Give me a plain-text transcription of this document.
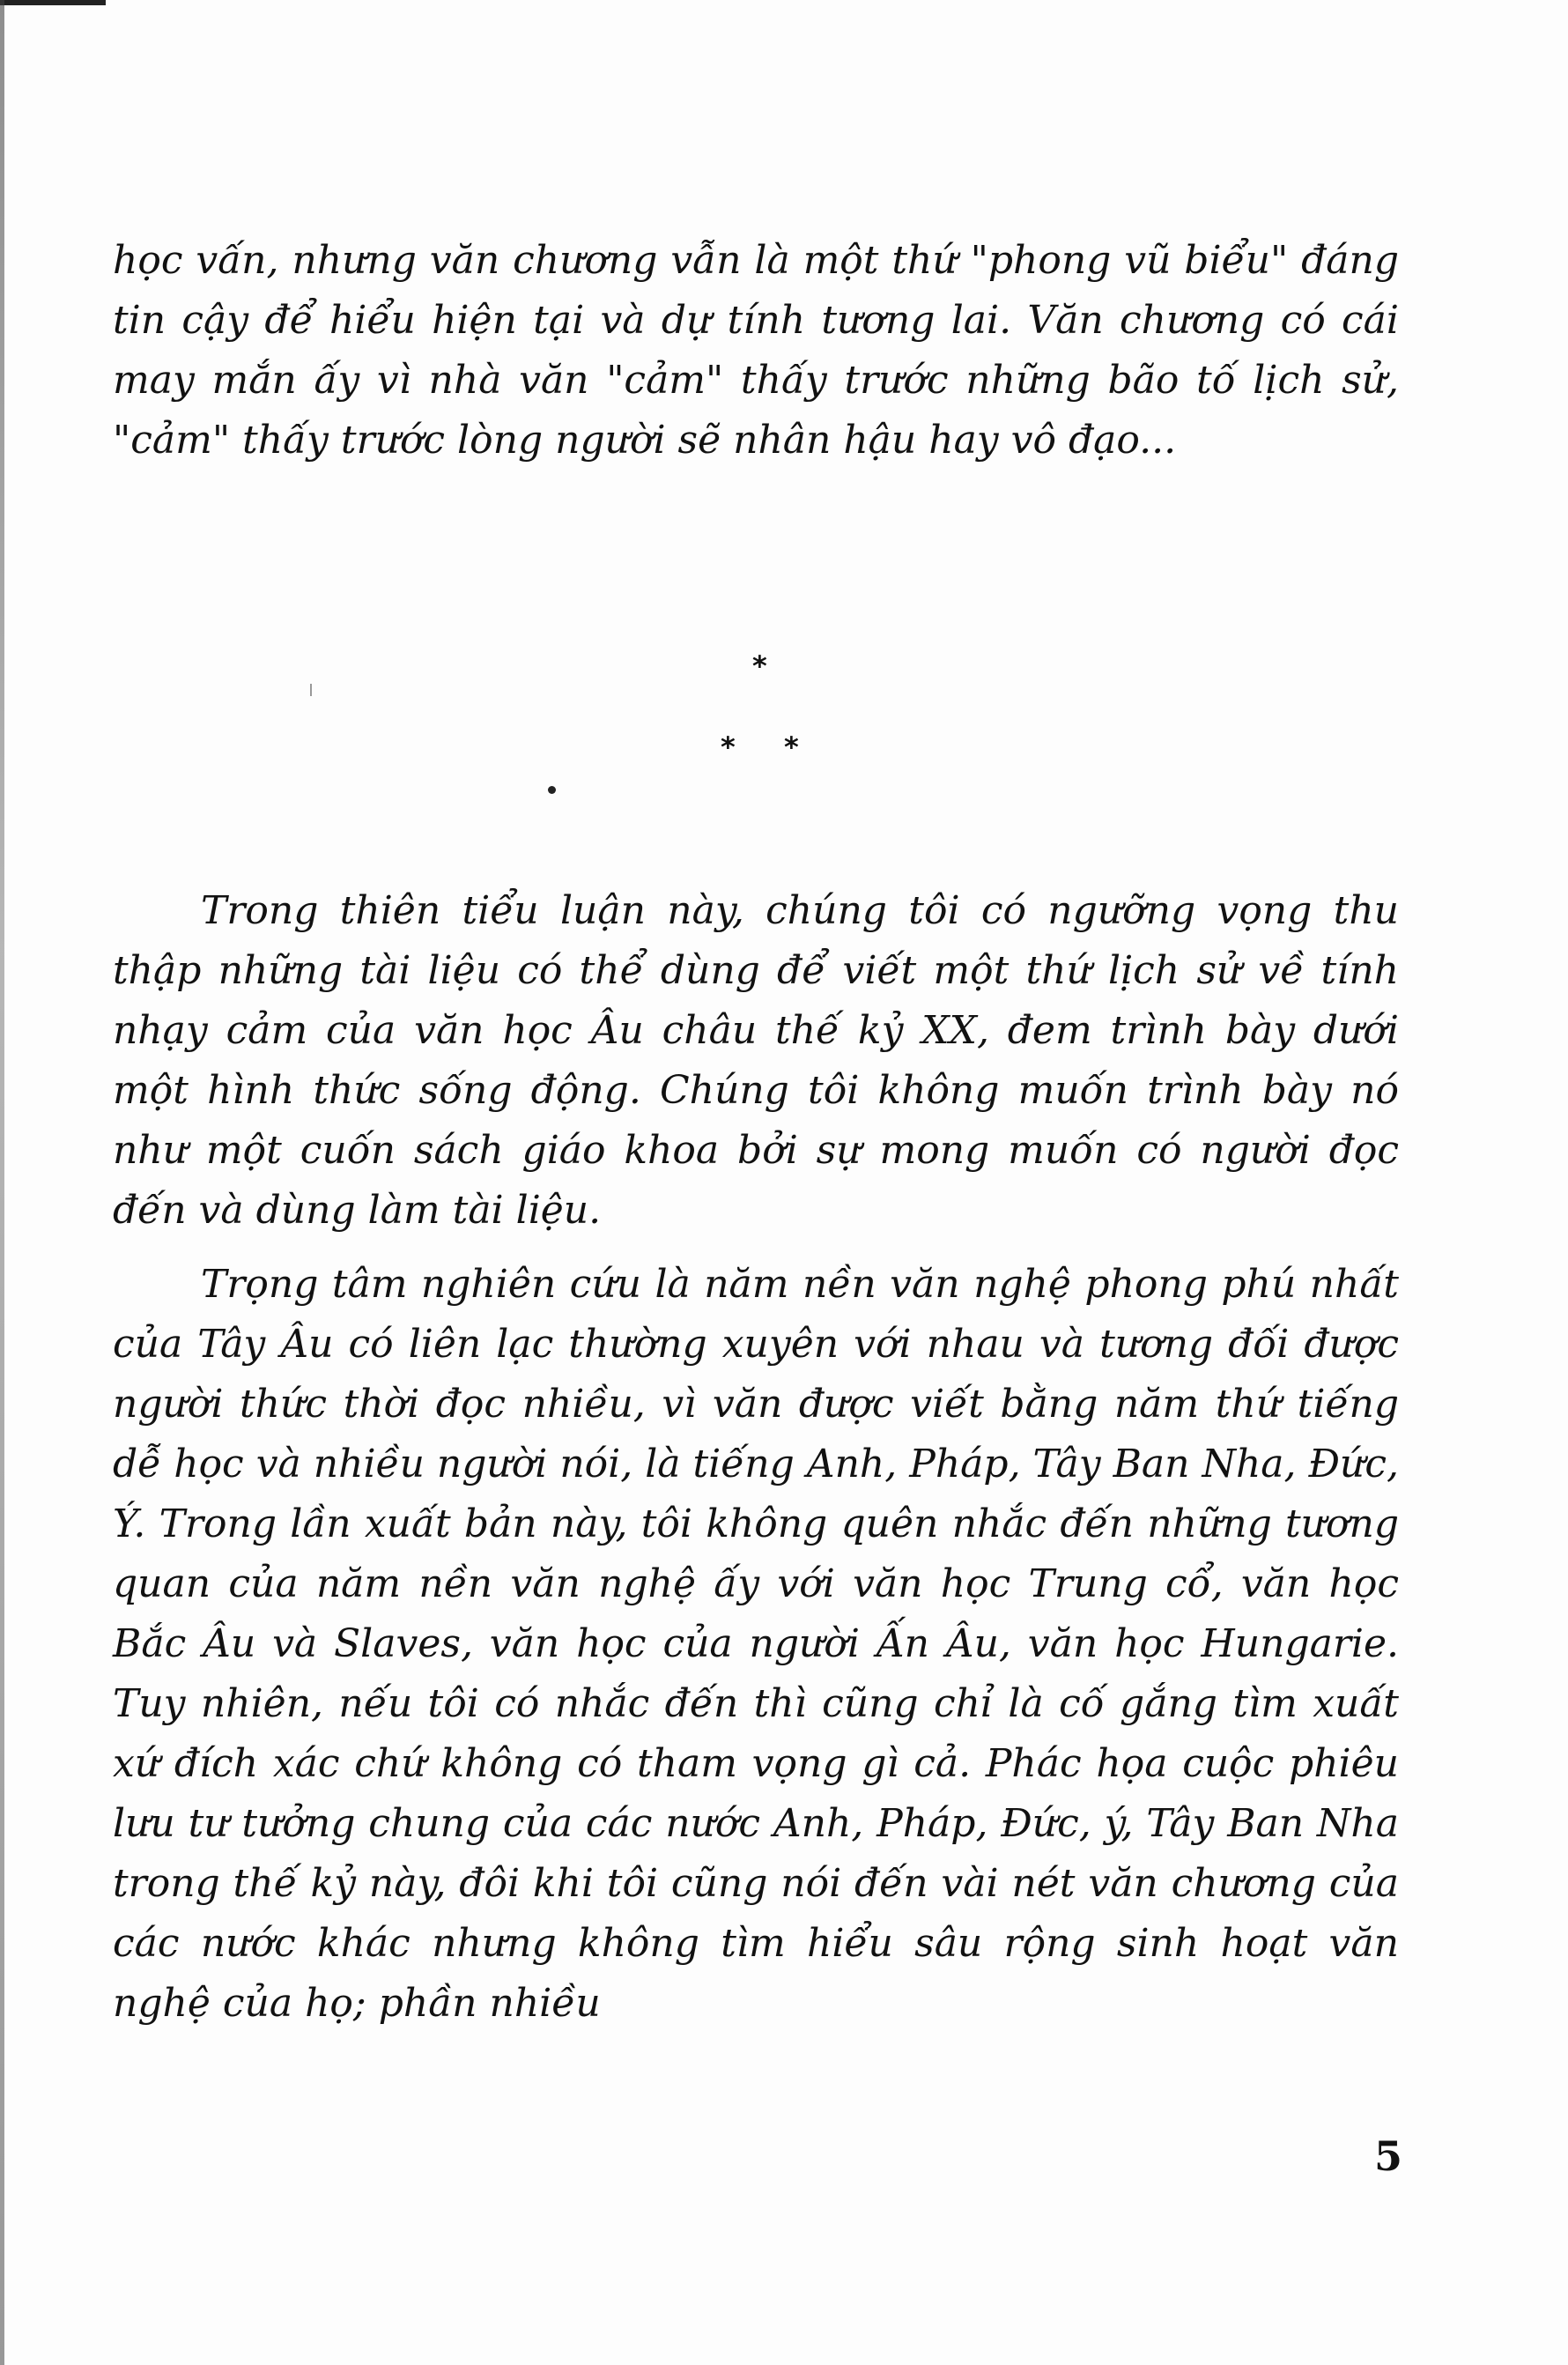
học vấn, nhưng văn chương vẫn là một thứ "phong vũ biểu" đáng tin cậy để hiểu hiện tại và dự tính tương lai. Văn chương có cái may mắn ấy vì nhà văn "cảm" thấy trước những bão tố lịch sử, "cảm" thấy trước lòng người sẽ nhân hậu hay vô đạo...

*
* *

Trong thiên tiểu luận này, chúng tôi có ngưỡng vọng thu thập những tài liệu có thể dùng để viết một thứ lịch sử về tính nhạy cảm của văn học Âu châu thế kỷ XX, đem trình bày dưới một hình thức sống động. Chúng tôi không muốn trình bày nó như một cuốn sách giáo khoa bởi sự mong muốn có người đọc đến và dùng làm tài liệu.

Trọng tâm nghiên cứu là năm nền văn nghệ phong phú nhất của Tây Âu có liên lạc thường xuyên với nhau và tương đối được người thức thời đọc nhiều, vì văn được viết bằng năm thứ tiếng dễ học và nhiều người nói, là tiếng Anh, Pháp, Tây Ban Nha, Đức, Ý. Trong lần xuất bản này, tôi không quên nhắc đến những tương quan của năm nền văn nghệ ấy với văn học Trung cổ, văn học Bắc Âu và Slaves, văn học của người Ấn Âu, văn học Hungarie. Tuy nhiên, nếu tôi có nhắc đến thì cũng chỉ là cố gắng tìm xuất xứ đích xác chứ không có tham vọng gì cả. Phác họa cuộc phiêu lưu tư tưởng chung của các nước Anh, Pháp, Đức, ý, Tây Ban Nha trong thế kỷ này, đôi khi tôi cũng nói đến vài nét văn chương của các nước khác nhưng không tìm hiểu sâu rộng sinh hoạt văn nghệ của họ; phần nhiều

5
